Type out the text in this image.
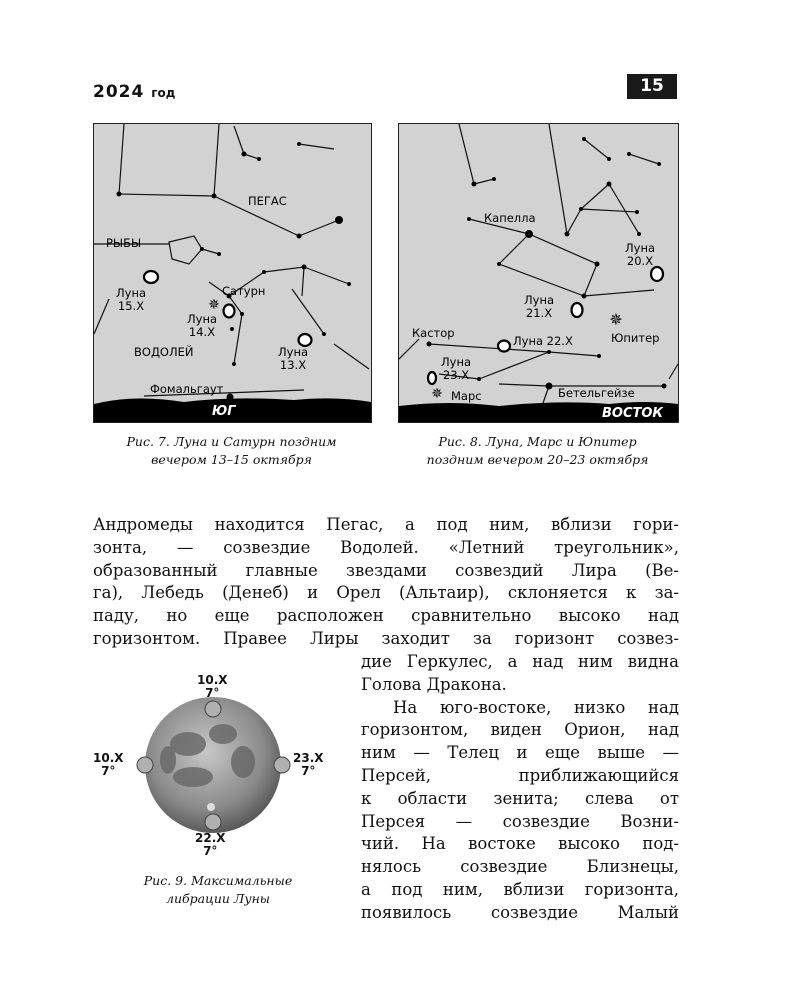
2024 год	15
✵
ПЕГАС
РЫБЫ
Сатурн
Луна
15.X
Луна
14.X
Луна
13.X
ВОДОЛЕЙ
Фомальгаут
ЮГ
Рис. 7. Луна и Сатурн поздним
вечером 13–15 октября
✵
✵
Капелла
Луна
20.X
Луна
21.X
Кастор
Луна 22.X	Юпитер
Луна
23.X
Марс	Бетельгейзе
ВОСТОК
Рис. 8. Луна, Марс и Юпитер
поздним вечером 20–23 октября
Андромеды находится Пегас, а под ним, вблизи гори-
зонта, — созвездие Водолей. «Летний треугольник»,
образованный главные звездами созвездий Лира (Ве-
га), Лебедь (Денеб) и Орел (Альтаир), склоняется к за-
паду, но еще расположен сравнительно высоко над
горизонтом. Правее Лиры заходит за горизонт созвез-
дие Геркулес, а над ним видна
Голова Дракона.
На юго-востоке, низко над
горизонтом, виден Орион, над
ним — Телец и еще выше —
Персей, приближающийся
к области зенита; слева от
Персея — созвездие Возни-
чий. На востоке высоко под-
нялось созвездие Близнецы,
а под ним, вблизи горизонта,
появилось созвездие Малый
10.X
7°
10.X
7°
23.X
7°
22.X
7°
Рис. 9. Максимальные
либрации Луны
